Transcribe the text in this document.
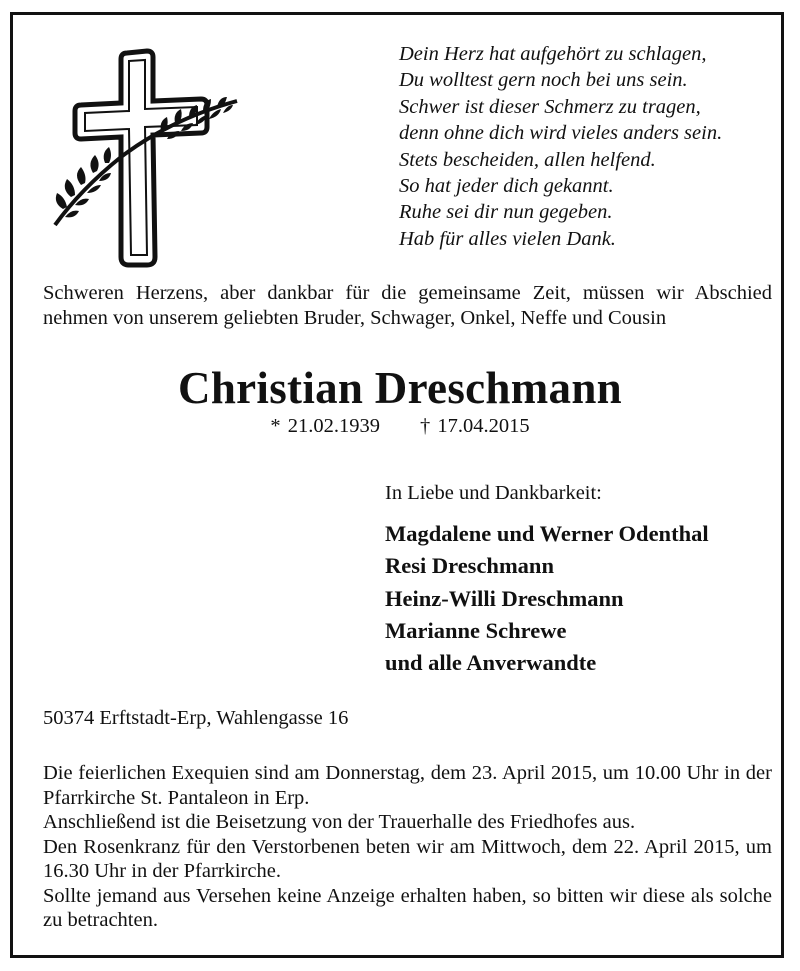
Dein Herz hat aufgehört zu schlagen,
Du wolltest gern noch bei uns sein.
Schwer ist dieser Schmerz zu tragen,
denn ohne dich wird vieles anders sein.
Stets bescheiden, allen helfend.
So hat jeder dich gekannt.
Ruhe sei dir nun gegeben.
Hab für alles vielen Dank.
Schweren Herzens, aber dankbar für die gemeinsame Zeit, müssen wir Abschied nehmen von unserem geliebten Bruder, Schwager, Onkel, Neffe und Cousin
Christian Dreschmann
* 21.02.1939 † 17.04.2015
In Liebe und Dankbarkeit:
Magdalene und Werner Odenthal
Resi Dreschmann
Heinz-Willi Dreschmann
Marianne Schrewe
und alle Anverwandte
50374 Erftstadt-Erp, Wahlengasse 16

Die feierlichen Exequien sind am Donnerstag, dem 23. April 2015, um 10.00 Uhr in der Pfarrkirche St. Pantaleon in Erp.

Anschließend ist die Beisetzung von der Trauerhalle des Friedhofes aus.

Den Rosenkranz für den Verstorbenen beten wir am Mittwoch, dem 22. April 2015, um 16.30 Uhr in der Pfarrkirche.

Sollte jemand aus Versehen keine Anzeige erhalten haben, so bitten wir diese als solche zu betrachten.
